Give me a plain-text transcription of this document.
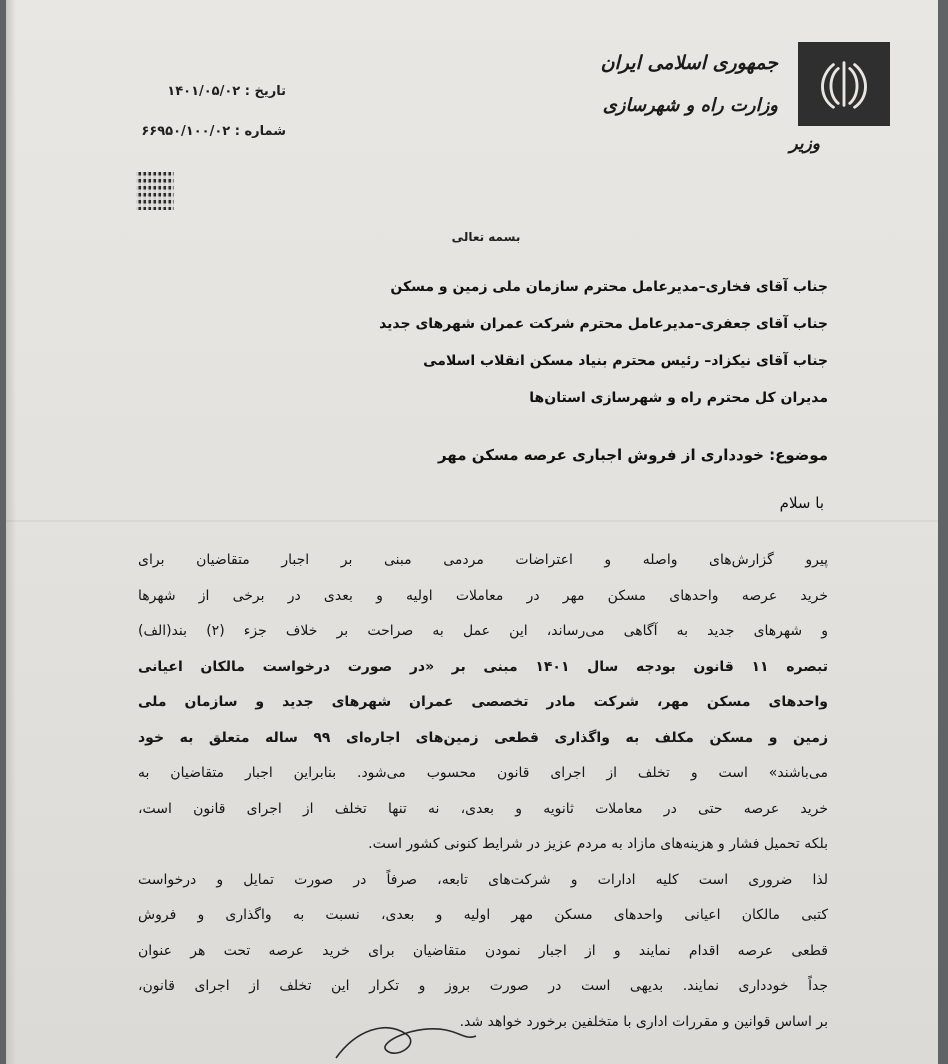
جمهوری اسلامی ایران
وزارت راه و شهرسازی
وزیر
تاریخ : ۱۴۰۱/۰۵/۰۲
شماره : ۶۶۹۵۰/۱۰۰/۰۲
بسمه تعالی
جناب آقای فخاری–مدیرعامل محترم سازمان ملی زمین و مسکن
جناب آقای جعفری–مدیرعامل محترم شرکت عمران شهرهای جدید
جناب آقای نیکزاد– رئیس محترم بنیاد مسکن انقلاب اسلامی
مدیران کل محترم راه و شهرسازی استان‌ها
موضوع: خودداری از فروش اجباری عرصه مسکن مهر
با سلام
پیرو گزارش‌های واصله و اعتراضات مردمی مبنی بر اجبار متقاضیان برای
خرید عرصه واحدهای مسکن مهر در معاملات اولیه و بعدی در برخی از شهرها
و شهرهای جدید به آگاهی می‌رساند، این عمل به صراحت بر خلاف جزء (۲) بند(الف)
تبصره ۱۱ قانون بودجه سال ۱۴۰۱ مبنی بر «در صورت درخواست مالکان اعیانی
واحدهای مسکن مهر، شرکت مادر تخصصی عمران شهرهای جدید و سازمان ملی
زمین و مسکن مکلف به واگذاری قطعی زمین‌های اجاره‌ای ۹۹ ساله متعلق به خود
می‌باشند» است و تخلف از اجرای قانون محسوب می‌شود. بنابراین اجبار متقاضیان به
خرید عرصه حتی در معاملات ثانویه و بعدی، نه تنها تخلف از اجرای قانون است،
بلکه تحمیل فشار و هزینه‌های مازاد به مردم عزیز در شرایط کنونی کشور است.
لذا ضروری است کلیه ادارات و شرکت‌های تابعه، صرفاً در صورت تمایل و درخواست
کتبی مالکان اعیانی واحدهای مسکن مهر اولیه و بعدی، نسبت به واگذاری و فروش
قطعی عرصه اقدام نمایند و از اجبار نمودن متقاضیان برای خرید عرصه تحت هر عنوان
جداً خودداری نمایند. بدیهی است در صورت بروز و تکرار این تخلف از اجرای قانون،
بر اساس قوانین و مقررات اداری با متخلفین برخورد خواهد شد.
